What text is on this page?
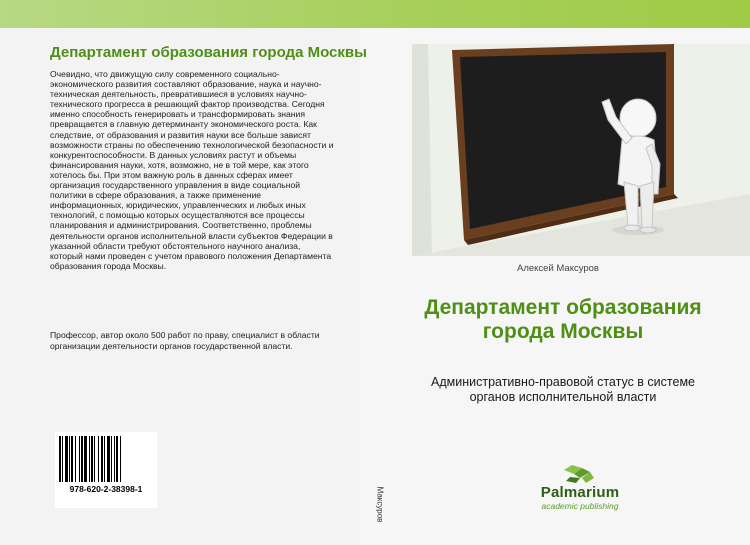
Департамент образования города Москвы
Очевидно, что движущую силу современного социально-экономического развития составляют образование, наука и научно-техническая деятельность, превратившиеся в условиях научно-технического прогресса в решающий фактор производства. Сегодня именно способность генерировать и трансформировать знания превращается в главную детерминанту экономического роста. Как следствие, от образования и развития науки все больше зависят возможности страны по обеспечению технологической безопасности и конкурентоспособности. В данных условиях растут и объемы финансирования науки, хотя, возможно, не в той мере, как этого хотелось бы. При этом важную роль в данных сферах имеет организация государственного управления в виде социальной политики в сфере образования, а также применение информационных, юридических, управленческих и любых иных технологий, с помощью которых осуществляются все процессы планирования и администрирования. Соответственно, проблемы деятельности органов исполнительной власти субъектов Федерации в указанной области требуют обстоятельного научного анализа, который нами проведен с учетом правового положения Департамента образования города Москвы.
Профессор, автор около 500 работ по праву, специалист в области организации деятельности органов государственной власти.
978-620-2-38398-1	Максуров
Алексей Максуров
Департамент образования города Москвы
Административно-правовой статус в системе органов исполнительной власти
Palmarium
academic publishing
